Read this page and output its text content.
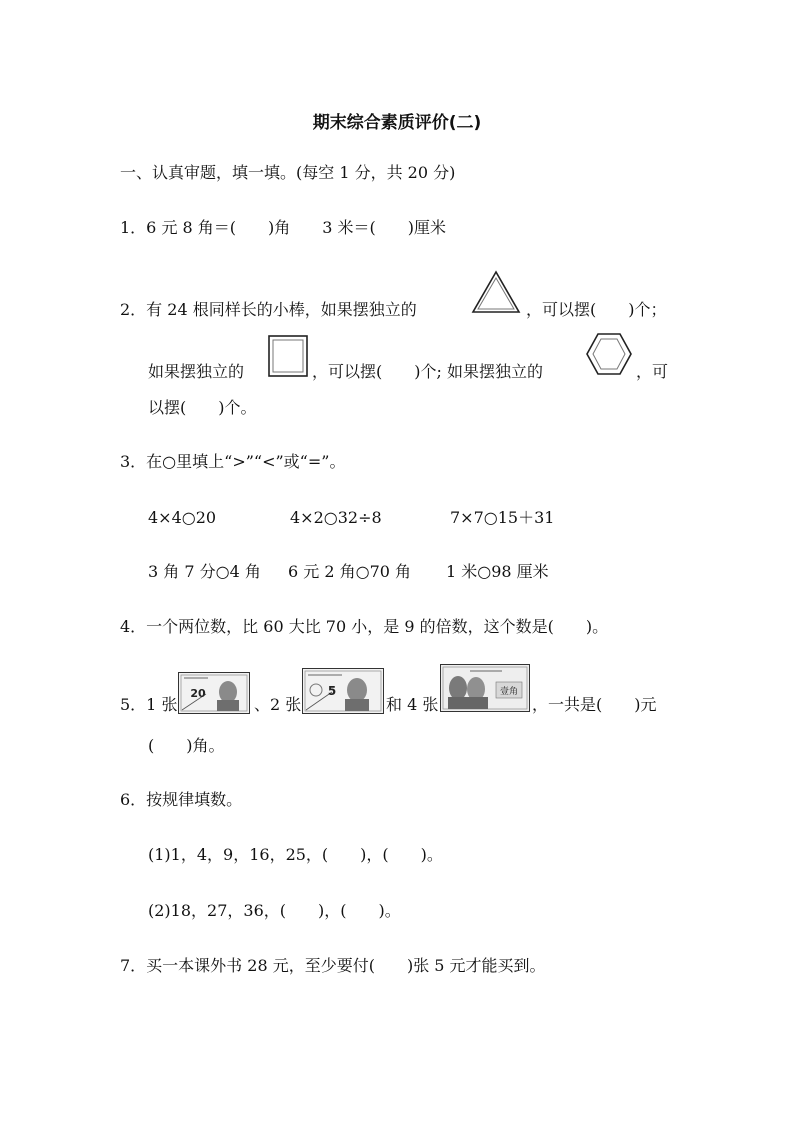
期末综合素质评价(二)
一、认真审题，填一填。(每空 1 分，共 20 分)
1．6 元 8 角＝(　　)角　　3 米＝(　　)厘米
2．有 24 根同样长的小棒，如果摆独立的	，可以摆(　　)个；
如果摆独立的	，可以摆(　　)个; 如果摆独立的	，可
以摆(　　)个。
3．在○里填上“>”“<”或“=”。
4×4○20	4×2○32÷8	7×7○15＋31
3 角 7 分○4 角 6 元 2 角○70 角 1 米○98 厘米
4．一个两位数，比 60 大比 70 小，是 9 的倍数，这个数是(　　)。
5．1 张
20
、2 张
5
和 4 张
壹角
，一共是(　　)元
(　　)角。
6．按规律填数。
(1)1，4，9，16，25，(　　)，(　　)。
(2)18，27，36，(　　)，(　　)。
7．买一本课外书 28 元，至少要付(　　)张 5 元才能买到。
